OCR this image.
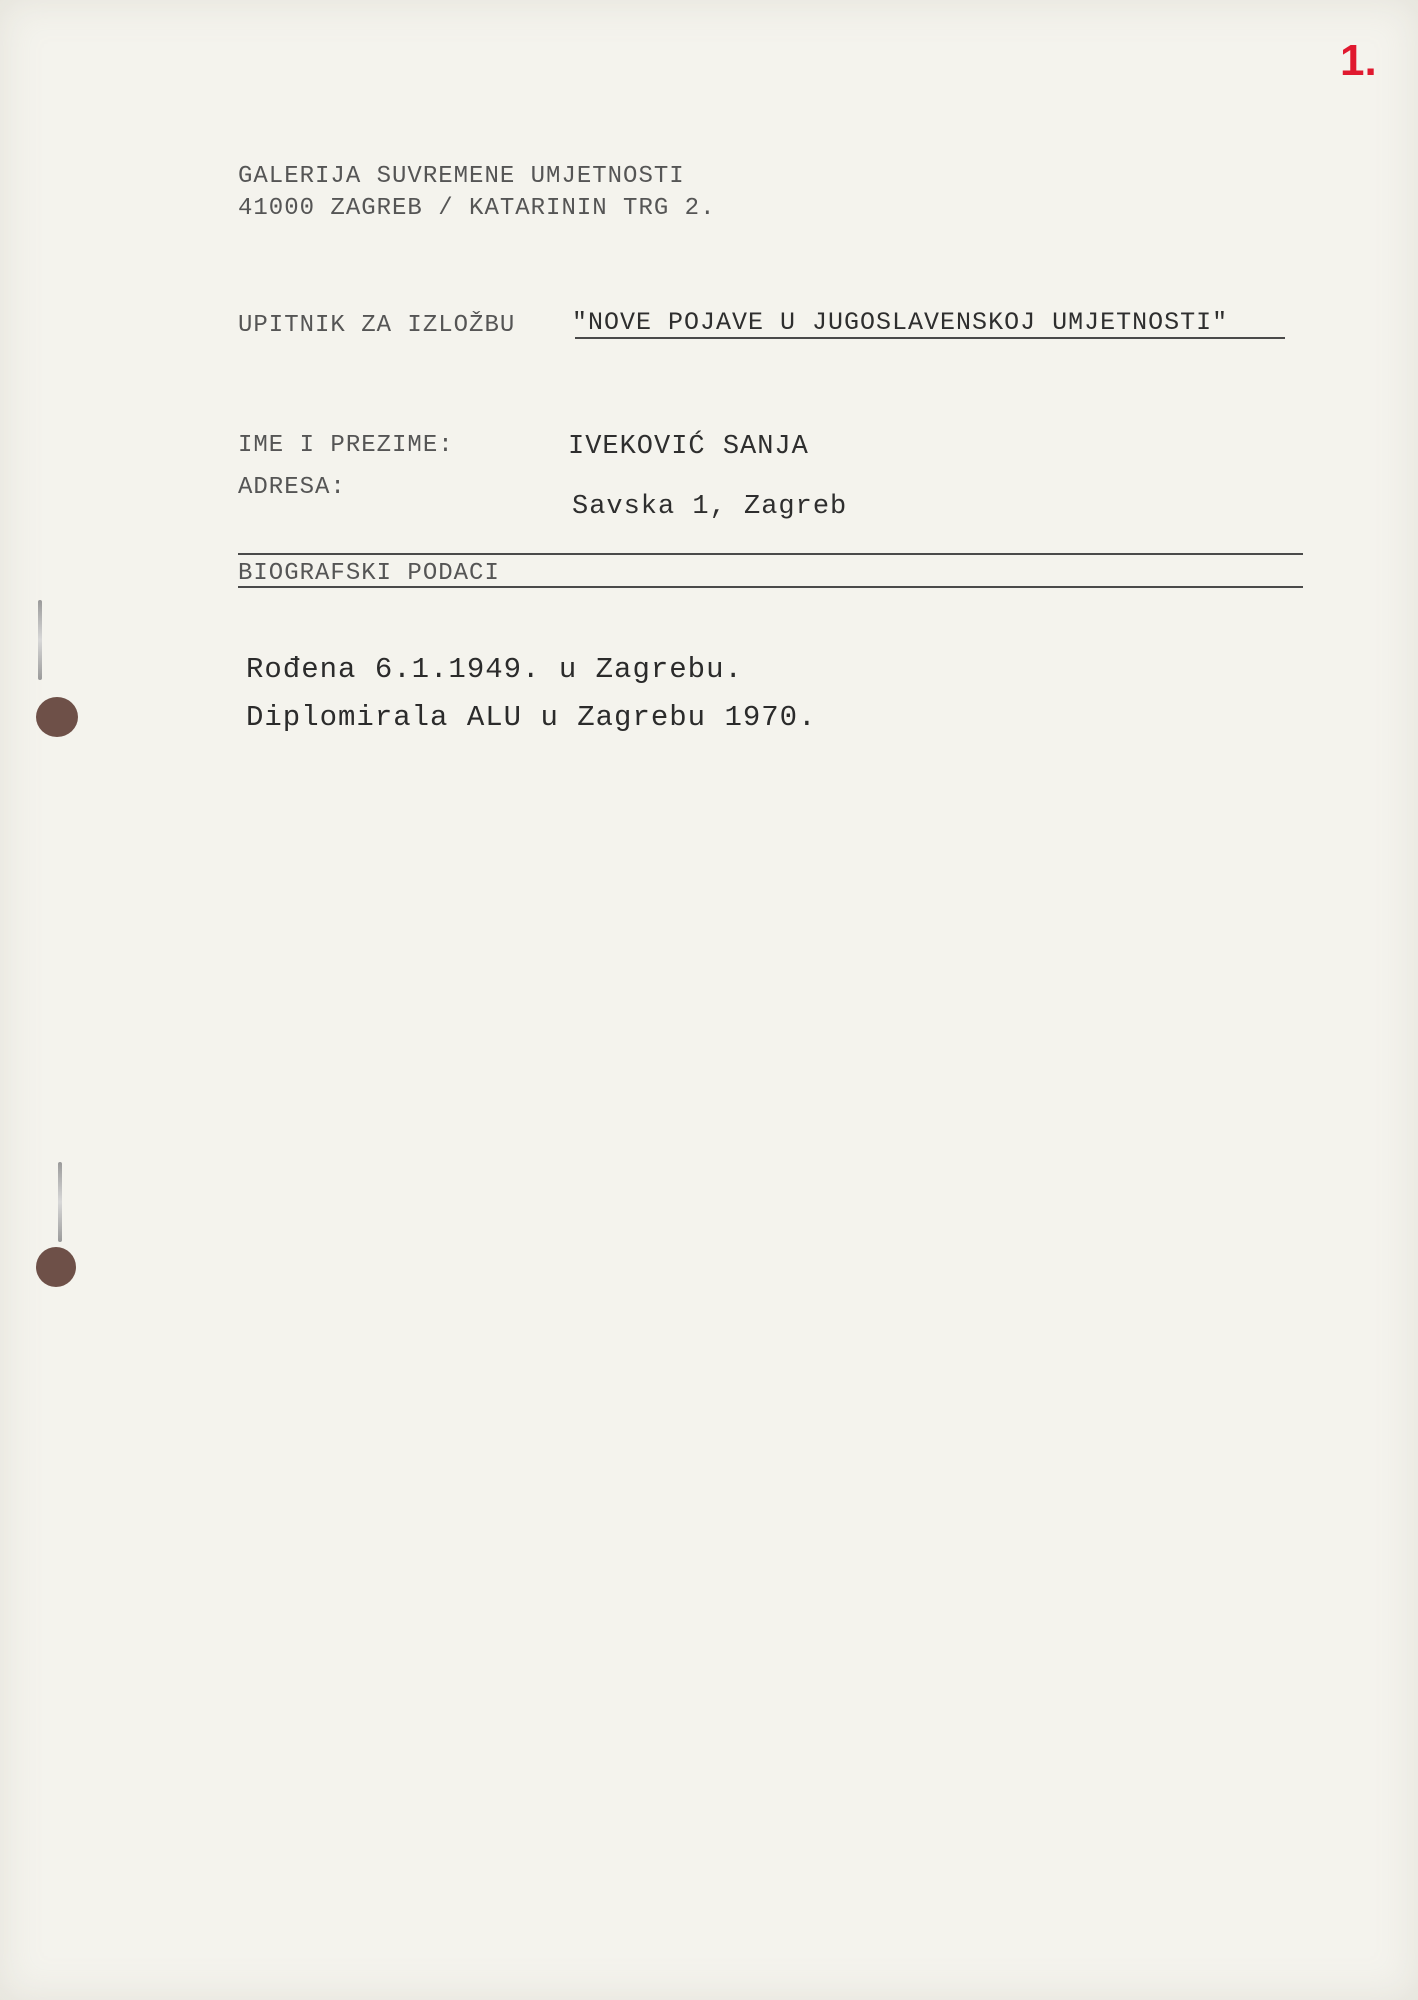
1.
GALERIJA SUVREMENE UMJETNOSTI
41000 ZAGREB / KATARININ TRG 2.
UPITNIK ZA IZLOŽBU "NOVE POJAVE U JUGOSLAVENSKOJ UMJETNOSTI"
IME I PREZIME:	IVEKOVIĆ SANJA
ADRESA:
Savska 1, Zagreb
BIOGRAFSKI PODACI
Rođena 6.1.1949. u Zagrebu.
Diplomirala ALU u Zagrebu 1970.
